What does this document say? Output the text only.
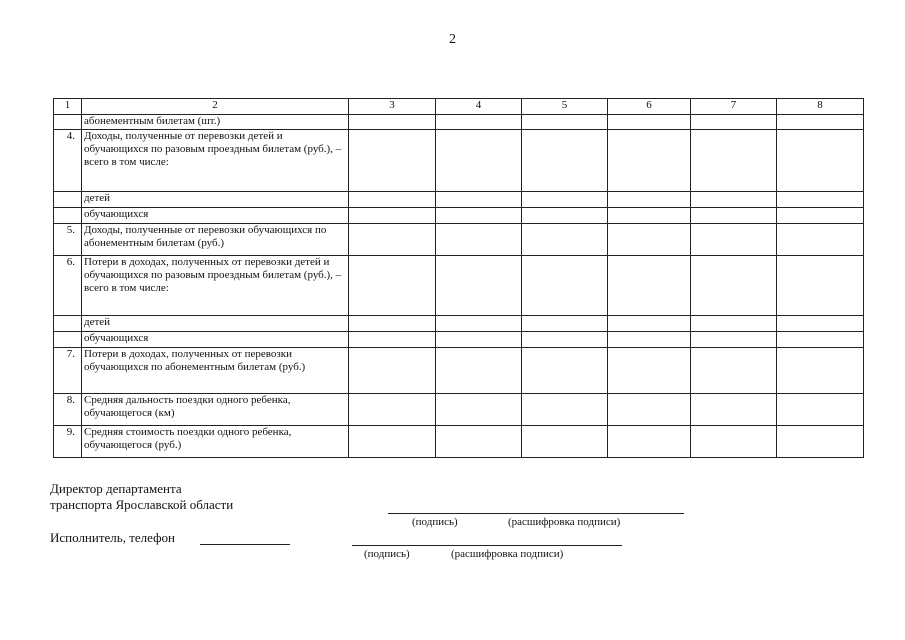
2
1	2	3	4	5	6	7	8
	абонементным билетам (шт.)						
4.	Доходы, полученные от перевозки детей и обучающихся по разовым проездным билетам (руб.), – всего в том числе:						
	детей						
	обучающихся						
5.	Доходы, полученные от перевозки обучающихся по абонементным билетам (руб.)						
6.	Потери в доходах, полученных от перевозки детей и обучающихся по разовым проездным билетам (руб.), – всего в том числе:						
	детей						
	обучающихся						
7.	Потери в доходах, полученных от перевозки обучающихся по абонементным билетам (руб.)						
8.	Средняя дальность поездки одного ребенка, обучающегося (км)						
9.	Средняя стоимость поездки одного ребенка, обучающегося (руб.)						
Директор департамента
транспорта Ярославской области
(подпись)	(расшифровка подписи)
Исполнитель, телефон
(подпись)	(расшифровка подписи)
